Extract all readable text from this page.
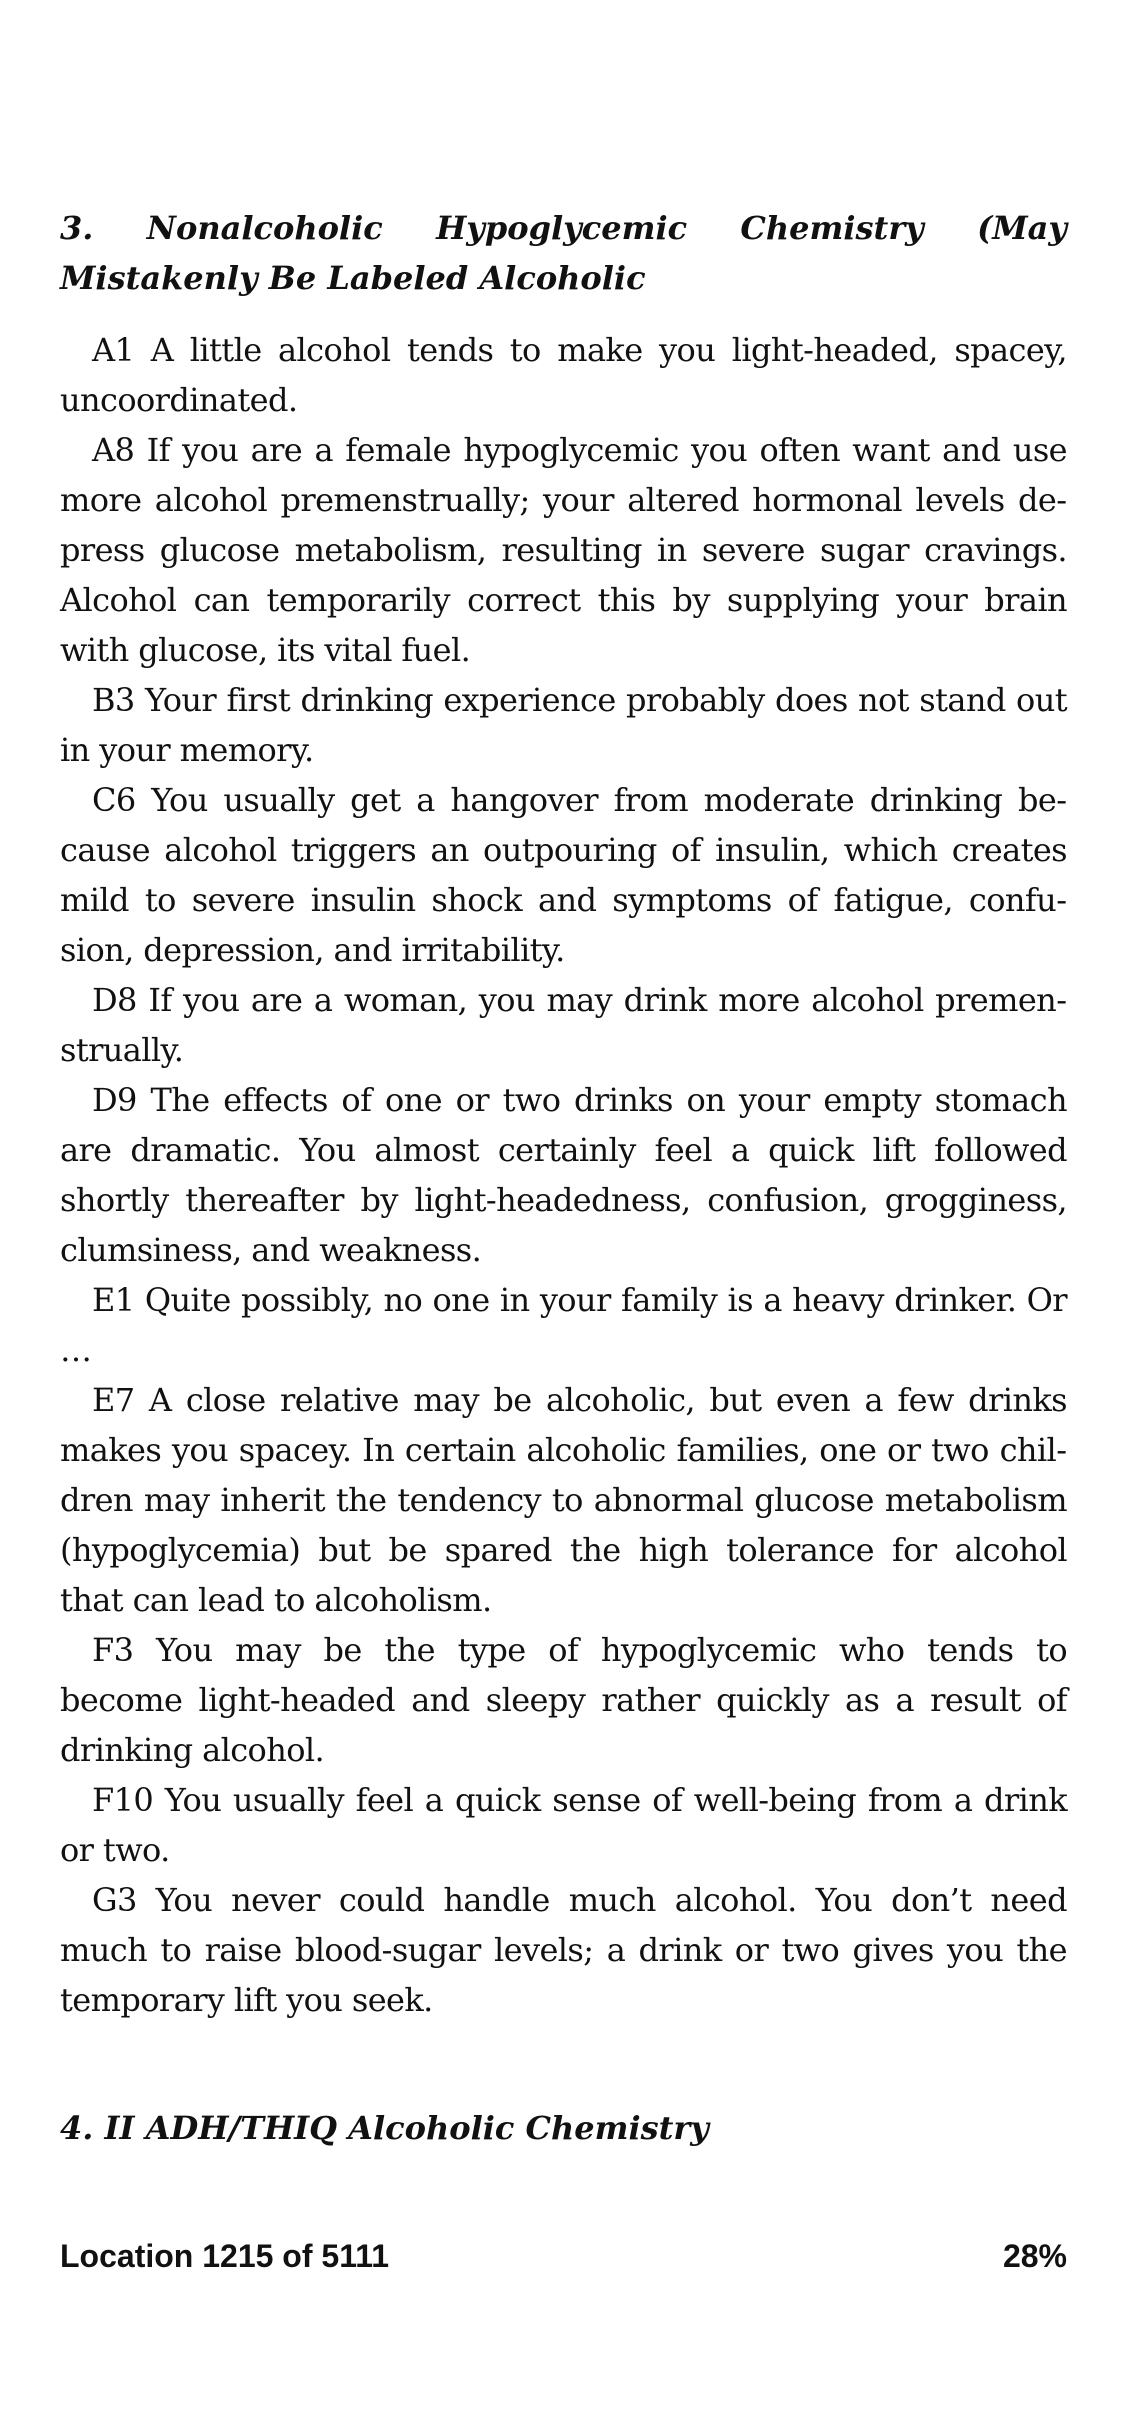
3. Nonalcoholic Hypoglycemic Chemistry (May Mistakenly Be Labeled Alcoholic

A1 A little alcohol tends to make you light-headed, spacey, uncoordinated.

A8 If you are a female hypoglycemic you often want and use more alcohol premenstrually; your altered hormonal levels depress glucose metabolism, resulting in severe sugar cravings. Alcohol can temporarily correct this by supplying your brain with glucose, its vital fuel.

B3 Your first drinking experience probably does not stand out in your memory.

C6 You usually get a hangover from moderate drinking because alcohol triggers an outpouring of insulin, which creates mild to severe insulin shock and symptoms of fatigue, confusion, depression, and irritability.

D8 If you are a woman, you may drink more alcohol premenstrually.

D9 The effects of one or two drinks on your empty stomach are dramatic. You almost certainly feel a quick lift followed shortly thereafter by light-headedness, confusion, grogginess, clumsiness, and weakness.

E1 Quite possibly, no one in your family is a heavy drinker. Or …

E7 A close relative may be alcoholic, but even a few drinks makes you spacey. In certain alcoholic families, one or two children may inherit the tendency to abnormal glucose metabolism (hypoglycemia) but be spared the high tolerance for alcohol that can lead to alcoholism.

F3 You may be the type of hypoglycemic who tends to become light-headed and sleepy rather quickly as a result of drinking alcohol.

F10 You usually feel a quick sense of well-being from a drink or two.

G3 You never could handle much alcohol. You don’t need much to raise blood-sugar levels; a drink or two gives you the temporary lift you seek.

4. II ADH/THIQ Alcoholic Chemistry
Location 1215 of 5111	28%
